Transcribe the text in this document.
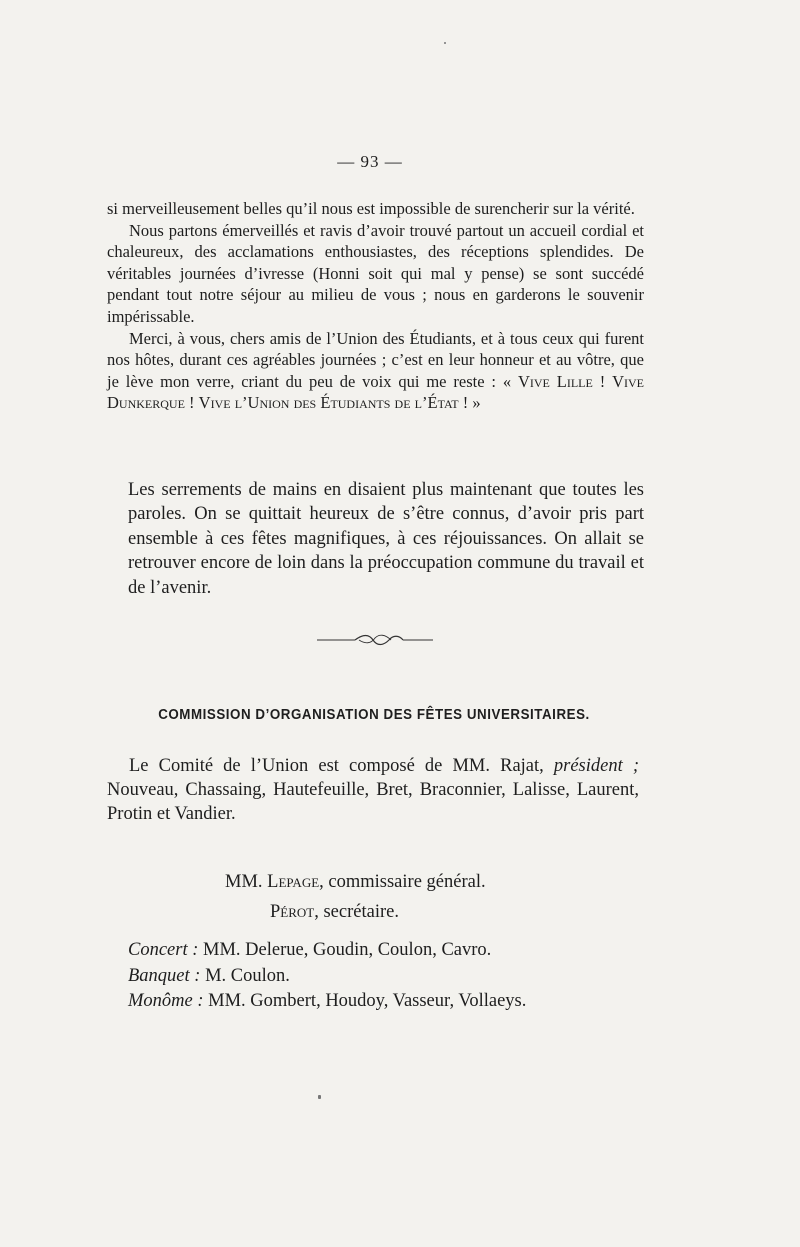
— 93 —

si merveilleusement belles qu’il nous est impossible de surencherir sur la vérité.

Nous partons émerveillés et ravis d’avoir trouvé partout un accueil cordial et chaleureux, des acclamations enthousiastes, des réceptions splendides. De véritables journées d’ivresse (Honni soit qui mal y pense) se sont succédé pendant tout notre séjour au milieu de vous ; nous en garderons le souvenir impérissable.

Merci, à vous, chers amis de l’Union des Étudiants, et à tous ceux qui furent nos hôtes, durant ces agréables journées ; c’est en leur honneur et au vôtre, que je lève mon verre, criant du peu de voix qui me reste : « Vive Lille ! Vive Dunkerque ! Vive l’Union des Étudiants de l’État ! »

Les serrements de mains en disaient plus maintenant que toutes les paroles. On se quittait heureux de s’être connus, d’avoir pris part ensemble à ces fêtes magnifiques, à ces réjouissances. On allait se retrouver encore de loin dans la préoccupation commune du travail et de l’avenir.
COMMISSION D’ORGANISATION DES FÊTES UNIVERSITAIRES.
Le Comité de l’Union est composé de MM. Rajat, président ; Nouveau, Chassaing, Hautefeuille, Bret, Braconnier, Lalisse, Laurent, Protin et Vandier.
MM. Lepage, commissaire général.
Pérot, secrétaire.
Concert : MM. Delerue, Goudin, Coulon, Cavro.
Banquet : M. Coulon.
Monôme : MM. Gombert, Houdoy, Vasseur, Vollaeys.
